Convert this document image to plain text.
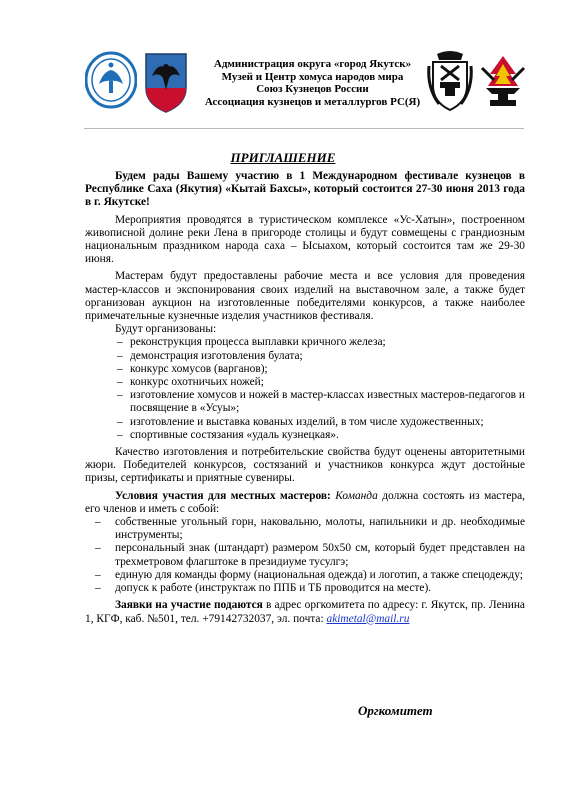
Администрация округа «город Якутск»
Музей и Центр хомуса народов мира
Союз Кузнецов России
Ассоциация кузнецов и металлургов РС(Я)
ПРИГЛАШЕНИЕ

Будем рады Вашему участию в 1 Международном фестивале кузнецов в Республике Саха (Якутия) «Кытай Бахсы», который состоится 27-30 июня 2013 года в г. Якутске!

Мероприятия проводятся в туристическом комплексе «Ус-Хатын», построенном живописной долине реки Лена в пригороде столицы и будут совмещены с грандиозным национальным праздником народа саха – Ысыахом, который состоится там же 29-30 июня.

Мастерам будут предоставлены рабочие места и все условия для проведения мастер-классов и экспонирования своих изделий на выставочном зале, а также будет организован аукцион на изготовленные победителями конкурсов, а также наиболее примечательные кузнечные изделия участников фестиваля.

Будут организованы:

– реконструкция процесса выплавки кричного железа;
– демонстрация изготовления булата;
– конкурс хомусов (варганов);
– конкурс охотничьих ножей;
– изготовление хомусов и ножей в мастер-классах известных мастеров-педагогов и посвящение в «Усуы»;
– изготовление и выставка кованых изделий, в том числе художественных;
– спортивные состязания «удаль кузнецкая».

Качество изготовления и потребительские свойства будут оценены авторитетными жюри. Победителей конкурсов, состязаний и участников конкурса ждут достойные призы, сертификаты и приятные сувениры.

Условия участия для местных мастеров: Команда должна состоять из мастера, его членов и иметь с собой:

– собственные угольный горн, наковальню, молоты, напильники и др. необходимые инструменты;
– персональный знак (штандарт) размером 50х50 см, который будет представлен на трехметровом флагштоке в президиуме тусулгэ;
– единую для команды форму (национальная одежда) и логотип, а также спецодежду;
– допуск к работе (инструктаж по ППБ и ТБ проводится на месте).

Заявки на участие подаются в адрес оргкомитета по адресу: г. Якутск, пр. Ленина 1, КГФ, каб. №501, тел. +79142732037, эл. почта: akimetal@mail.ru

Оргкомитет
